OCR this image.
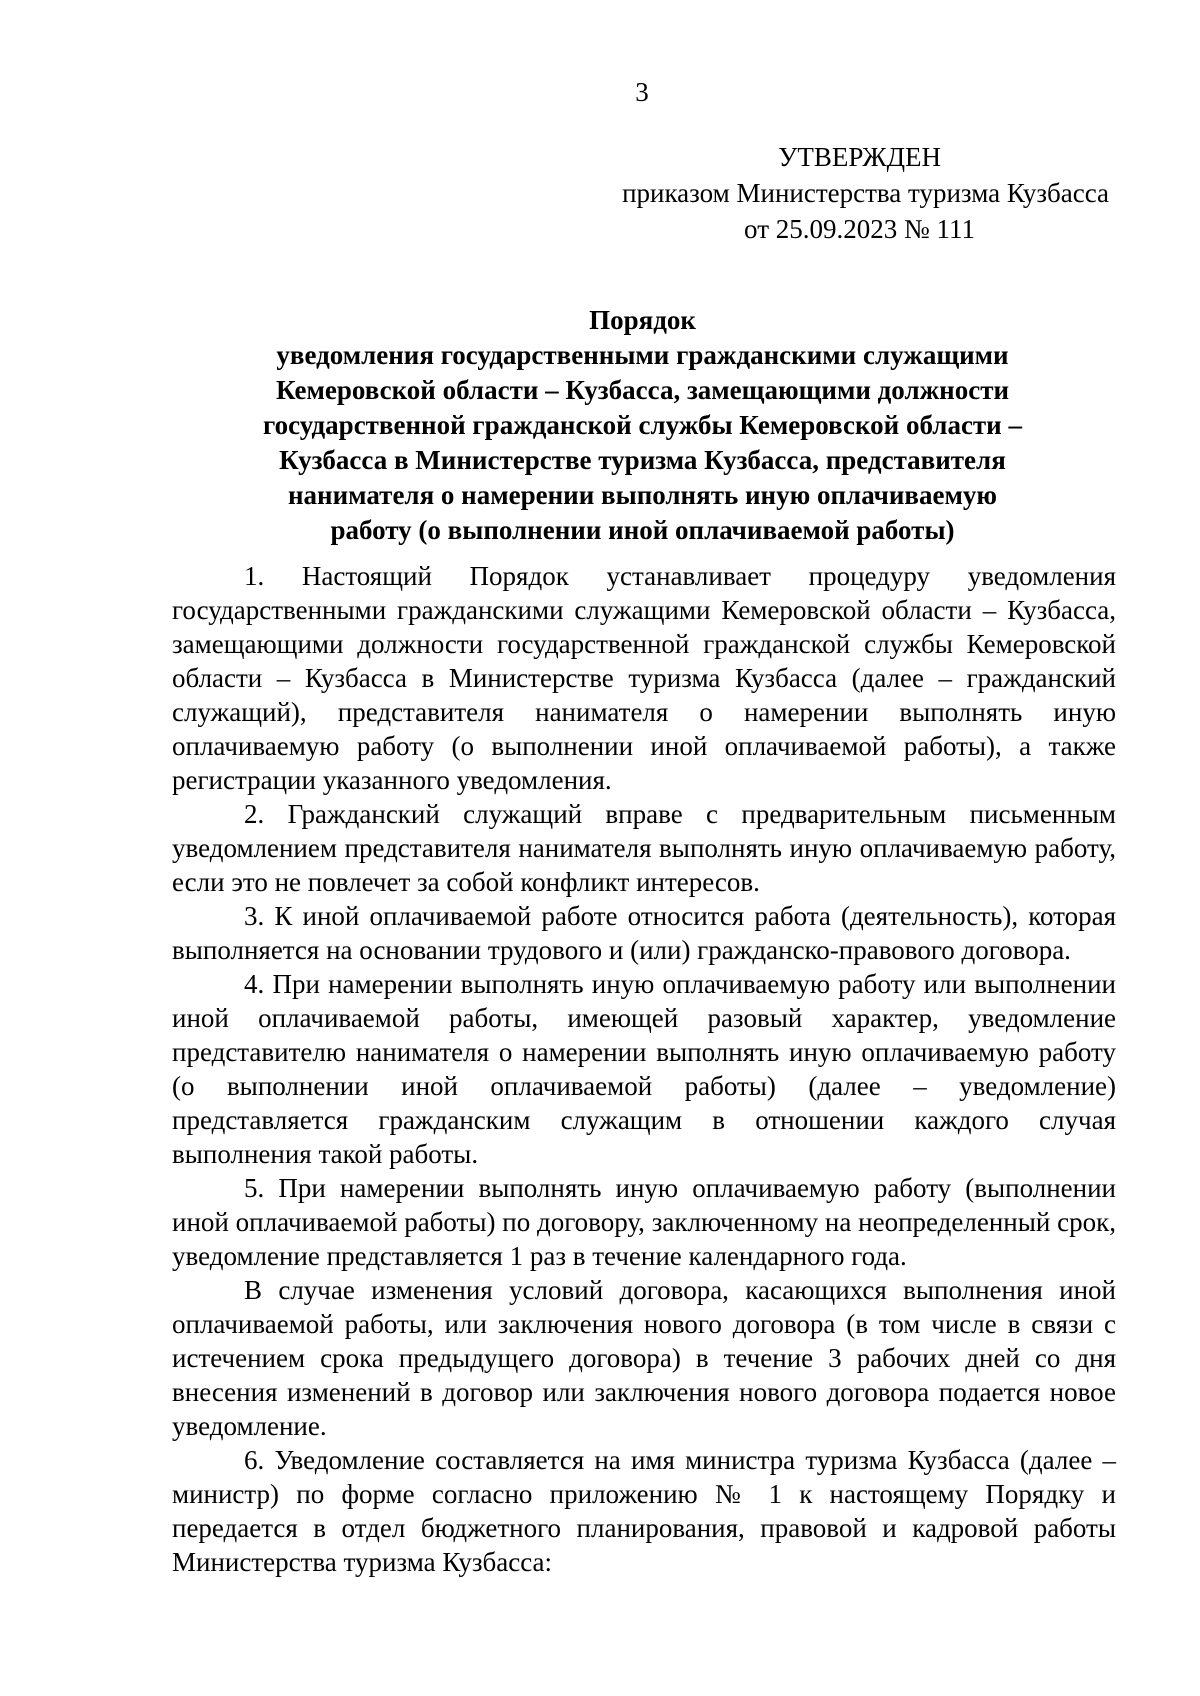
3
УТВЕРЖДЕН
приказом Министерства туризма Кузбасса
от 25.09.2023 № 111
Порядок
уведомления государственными гражданскими служащими
Кемеровской области – Кузбасса, замещающими должности
государственной гражданской службы Кемеровской области –
Кузбасса в Министерстве туризма Кузбасса, представителя
нанимателя о намерении выполнять иную оплачиваемую
работу (о выполнении иной оплачиваемой работы)

1. Настоящий Порядок устанавливает процедуру уведомления государственными гражданскими служащими Кемеровской области – Кузбасса, замещающими должности государственной гражданской службы Кемеровской области – Кузбасса в Министерстве туризма Кузбасса (далее – гражданский служащий), представителя нанимателя о намерении выполнять иную оплачиваемую работу (о выполнении иной оплачиваемой работы), а также регистрации указанного уведомления.

2. Гражданский служащий вправе с предварительным письменным уведомлением представителя нанимателя выполнять иную оплачиваемую работу, если это не повлечет за собой конфликт интересов.

3. К иной оплачиваемой работе относится работа (деятельность), которая выполняется на основании трудового и (или) гражданско-правового договора.

4. При намерении выполнять иную оплачиваемую работу или выполнении иной оплачиваемой работы, имеющей разовый характер, уведомление представителю нанимателя о намерении выполнять иную оплачиваемую работу (о выполнении иной оплачиваемой работы) (далее – уведомление) представляется гражданским служащим в отношении каждого случая выполнения такой работы.

5. При намерении выполнять иную оплачиваемую работу (выполнении иной оплачиваемой работы) по договору, заключенному на неопределенный срок, уведомление представляется 1 раз в течение календарного года.

В случае изменения условий договора, касающихся выполнения иной оплачиваемой работы, или заключения нового договора (в том числе в связи с истечением срока предыдущего договора) в течение 3 рабочих дней со дня внесения изменений в договор или заключения нового договора подается новое уведомление.

6. Уведомление составляется на имя министра туризма Кузбасса (далее – министр) по форме согласно приложению № 1 к настоящему Порядку и передается в отдел бюджетного планирования, правовой и кадровой работы Министерства туризма Кузбасса:
